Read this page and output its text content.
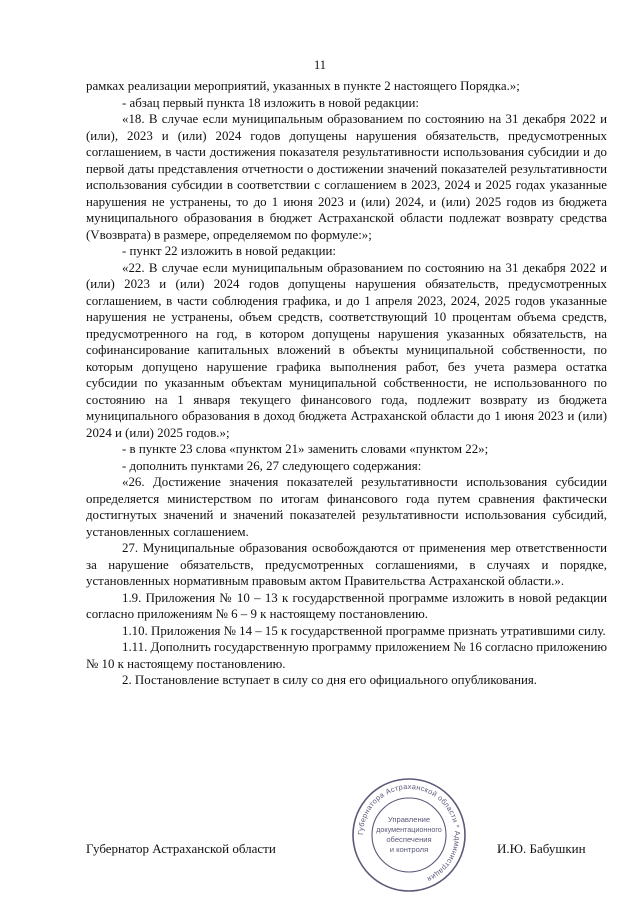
11

рамках реализации мероприятий, указанных в пункте 2 настоящего Порядка.»;

- абзац первый пункта 18 изложить в новой редакции:

«18. В случае если муниципальным образованием по состоянию на 31 декабря 2022 и (или), 2023 и (или) 2024 годов допущены нарушения обязательств, предусмотренных соглашением, в части достижения показателя результативности использования субсидии и до первой даты представления отчетности о достижении значений показателей результативности использования субсидии в соответствии с соглашением в 2023, 2024 и 2025 годах указанные нарушения не устранены, то до 1 июня 2023 и (или) 2024, и (или) 2025 годов из бюджета муниципального образования в бюджет Астраханской области подлежат возврату средства (Vвозврата) в размере, определяемом по формуле:»;

- пункт 22 изложить в новой редакции:

«22. В случае если муниципальным образованием по состоянию на 31 декабря 2022 и (или) 2023 и (или) 2024 годов допущены нарушения обязательств, предусмотренных соглашением, в части соблюдения графика, и до 1 апреля 2023, 2024, 2025 годов указанные нарушения не устранены, объем средств, соответствующий 10 процентам объема средств, предусмотренного на год, в котором допущены нарушения указанных обязательств, на софинансирование капитальных вложений в объекты муниципальной собственности, по которым допущено нарушение графика выполнения работ, без учета размера остатка субсидии по указанным объектам муниципальной собственности, не использованного по состоянию на 1 января текущего финансового года, подлежит возврату из бюджета муниципального образования в доход бюджета Астраханской области до 1 июня 2023 и (или) 2024 и (или) 2025 годов.»;

- в пункте 23 слова «пунктом 21» заменить словами «пунктом 22»;

- дополнить пунктами 26, 27 следующего содержания:

«26. Достижение значения показателей результативности использования субсидии определяется министерством по итогам финансового года путем сравнения фактически достигнутых значений и значений показателей результативности использования субсидий, установленных соглашением.

27. Муниципальные образования освобождаются от применения мер ответственности за нарушение обязательств, предусмотренных соглашениями, в случаях и порядке, установленных нормативным правовым актом Правительства Астраханской области.».

1.9. Приложения № 10 – 13 к государственной программе изложить в новой редакции согласно приложениям № 6 – 9 к настоящему постановлению.

1.10. Приложения № 14 – 15 к государственной программе признать утратившими силу.

1.11. Дополнить государственную программу приложением № 16 согласно приложению № 10 к настоящему постановлению.

2. Постановление вступает в силу со дня его официального опубликования.

Губернатор Астраханской области
Губернатора Астраханской области * Администрация
Управление
документационного
обеспечения
и контроля	И.Ю. Бабушкин
